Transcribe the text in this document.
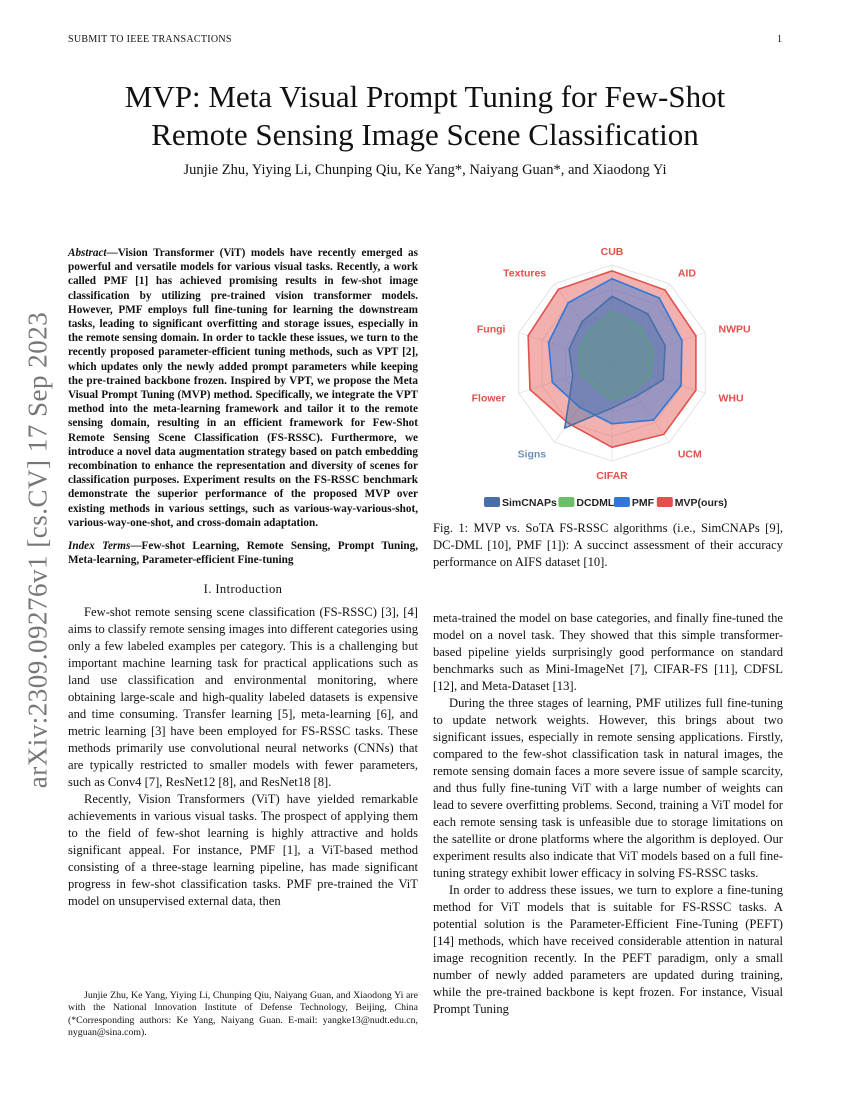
SUBMIT TO IEEE TRANSACTIONS	1
arXiv:2309.09276v1 [cs.CV] 17 Sep 2023
MVP: Meta Visual Prompt Tuning for Few-Shot
Remote Sensing Image Scene Classification
Junjie Zhu, Yiying Li, Chunping Qiu, Ke Yang*, Naiyang Guan*, and Xiaodong Yi
Abstract—Vision Transformer (ViT) models have recently emerged as powerful and versatile models for various visual tasks. Recently, a work called PMF [1] has achieved promising results in few-shot image classification by utilizing pre-trained vision transformer models. However, PMF employs full fine-tuning for learning the downstream tasks, leading to significant overfitting and storage issues, especially in the remote sensing domain. In order to tackle these issues, we turn to the recently proposed parameter-efficient tuning methods, such as VPT [2], which updates only the newly added prompt parameters while keeping the pre-trained backbone frozen. Inspired by VPT, we propose the Meta Visual Prompt Tuning (MVP) method. Specifically, we integrate the VPT method into the meta-learning framework and tailor it to the remote sensing domain, resulting in an efficient framework for Few-Shot Remote Sensing Scene Classification (FS-RSSC). Furthermore, we introduce a novel data augmentation strategy based on patch embedding recombination to enhance the representation and diversity of scenes for classification purposes. Experiment results on the FS-RSSC benchmark demonstrate the superior performance of the proposed MVP over existing methods in various settings, such as various-way-various-shot, various-way-one-shot, and cross-domain adaptation.
Index Terms—Few-shot Learning, Remote Sensing, Prompt Tuning, Meta-learning, Parameter-efficient Fine-tuning
I. Introduction

Few-shot remote sensing scene classification (FS-RSSC) [3], [4] aims to classify remote sensing images into different categories using only a few labeled examples per category. This is a challenging but important machine learning task for practical applications such as land use classification and environmental monitoring, where obtaining large-scale and high-quality labeled datasets is expensive and time consuming. Transfer learning [5], meta-learning [6], and metric learning [3] have been employed for FS-RSSC tasks. These methods primarily use convolutional neural networks (CNNs) that are typically restricted to smaller models with fewer parameters, such as Conv4 [7], ResNet12 [8], and ResNet18 [8].

Recently, Vision Transformers (ViT) have yielded remarkable achievements in various visual tasks. The prospect of applying them to the field of few-shot learning is highly attractive and holds significant appeal. For instance, PMF [1], a ViT-based method consisting of a three-stage learning pipeline, has made significant progress in few-shot classification tasks. PMF pre-trained the ViT model on unsupervised external data, then

Junjie Zhu, Ke Yang, Yiying Li, Chunping Qiu, Naiyang Guan, and Xiaodong Yi are with the National Innovation Institute of Defense Technology, Beijing, China (*Corresponding authors: Ke Yang, Naiyang Guan. E-mail: yangke13@nudt.edu.cn, nyguan@sina.com).
CUB
AID
NWPU
WHU
UCM
CIFAR
Signs
Flower
Fungi
Textures
SimCNAPs DCDML PMF MVP(ours)
Fig. 1: MVP vs. SoTA FS-RSSC algorithms (i.e., SimCNAPs [9], DC-DML [10], PMF [1]): A succinct assessment of their accuracy performance on AIFS dataset [10].

meta-trained the model on base categories, and finally fine-tuned the model on a novel task. They showed that this simple transformer-based pipeline yields surprisingly good performance on standard benchmarks such as Mini-ImageNet [7], CIFAR-FS [11], CDFSL [12], and Meta-Dataset [13].

During the three stages of learning, PMF utilizes full fine-tuning to update network weights. However, this brings about two significant issues, especially in remote sensing applications. Firstly, compared to the few-shot classification task in natural images, the remote sensing domain faces a more severe issue of sample scarcity, and thus fully fine-tuning ViT with a large number of weights can lead to severe overfitting problems. Second, training a ViT model for each remote sensing task is unfeasible due to storage limitations on the satellite or drone platforms where the algorithm is deployed. Our experiment results also indicate that ViT models based on a full fine-tuning strategy exhibit lower efficacy in solving FS-RSSC tasks.

In order to address these issues, we turn to explore a fine-tuning method for ViT models that is suitable for FS-RSSC tasks. A potential solution is the Parameter-Efficient Fine-Tuning (PEFT) [14] methods, which have received considerable attention in natural image recognition recently. In the PEFT paradigm, only a small number of newly added parameters are updated during training, while the pre-trained backbone is kept frozen. For instance, Visual Prompt Tuning
